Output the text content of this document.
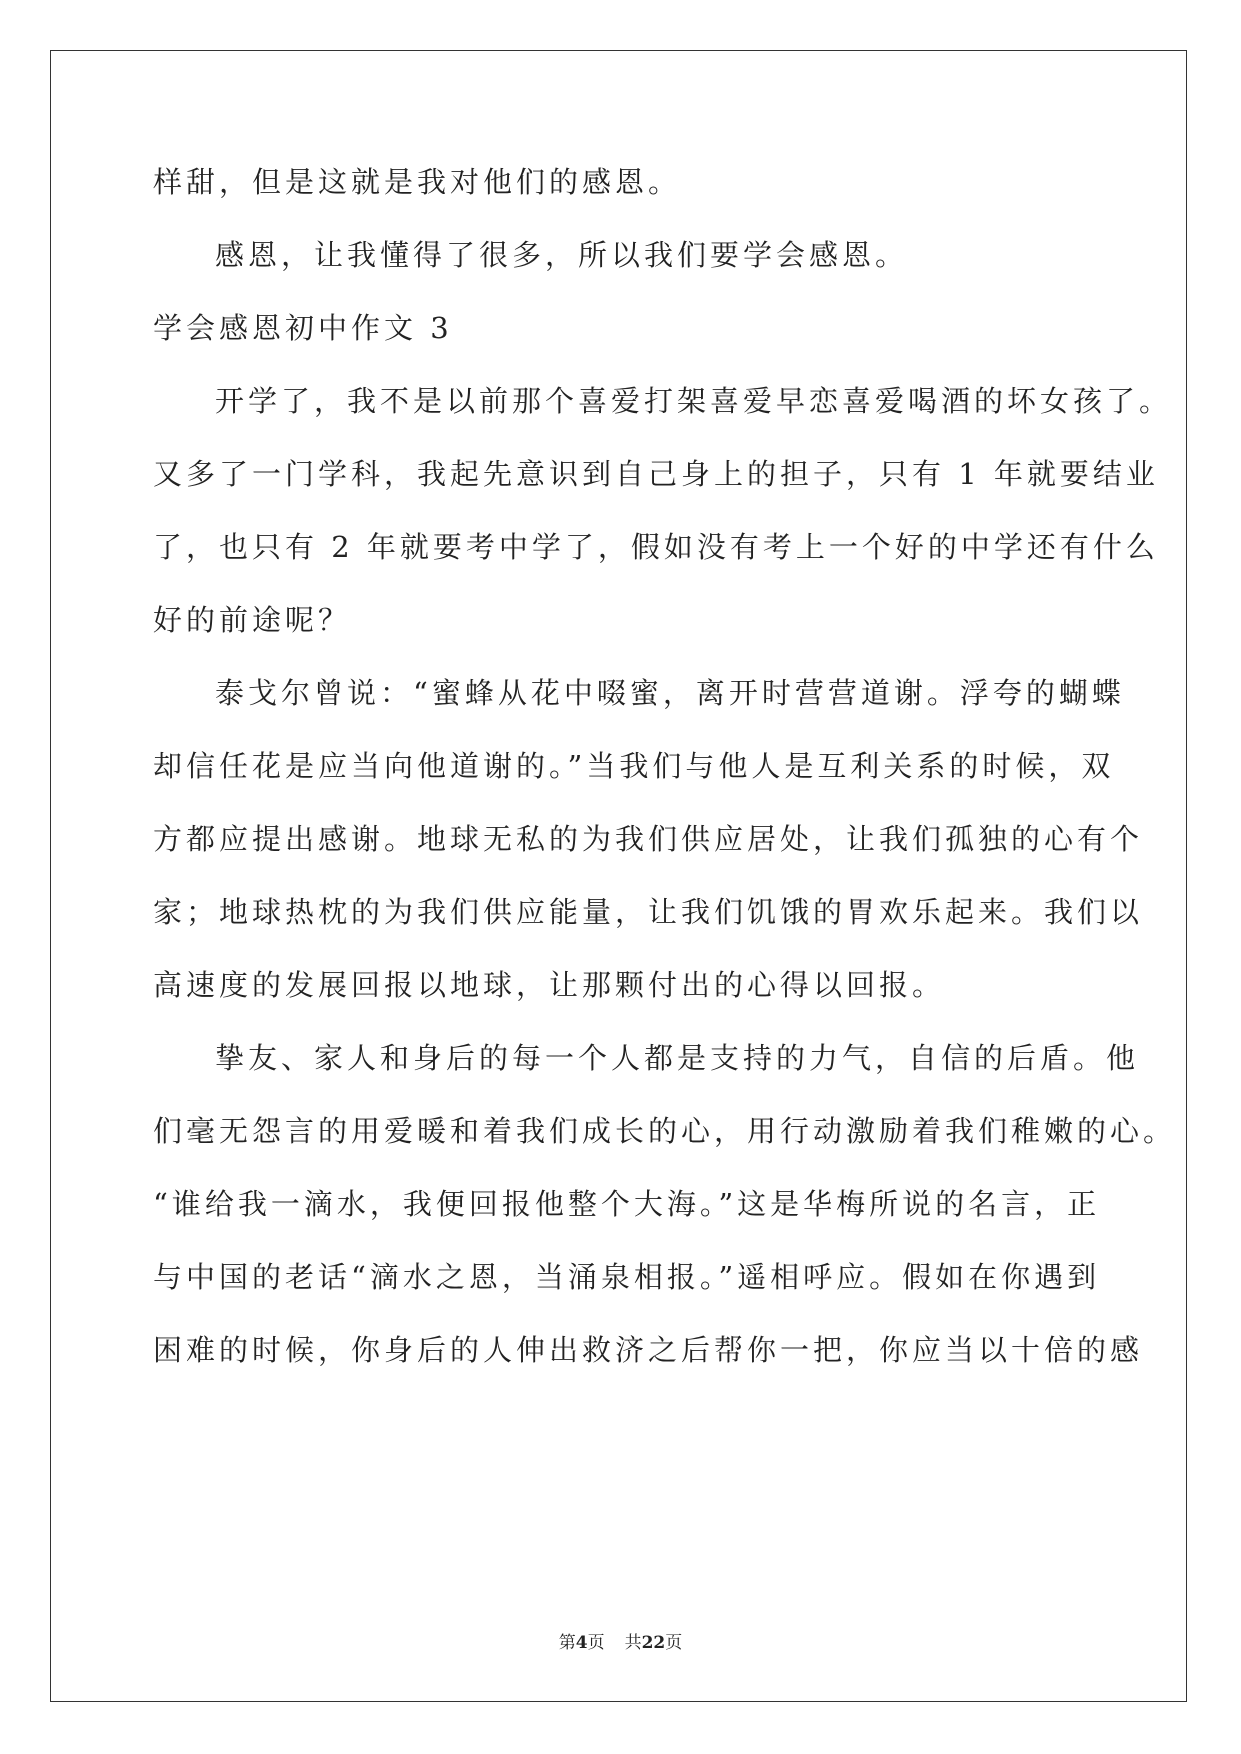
样甜，但是这就是我对他们的感恩。
感恩，让我懂得了很多，所以我们要学会感恩。
学会感恩初中作文 3
开学了，我不是以前那个喜爱打架喜爱早恋喜爱喝酒的坏女孩了。
又多了一门学科，我起先意识到自己身上的担子，只有 1 年就要结业
了，也只有 2 年就要考中学了，假如没有考上一个好的中学还有什么
好的前途呢？
泰戈尔曾说：“蜜蜂从花中啜蜜，离开时营营道谢。浮夸的蝴蝶
却信任花是应当向他道谢的。”当我们与他人是互利关系的时候，双
方都应提出感谢。地球无私的为我们供应居处，让我们孤独的心有个
家；地球热枕的为我们供应能量，让我们饥饿的胃欢乐起来。我们以
高速度的发展回报以地球，让那颗付出的心得以回报。
挚友、家人和身后的每一个人都是支持的力气，自信的后盾。他
们毫无怨言的用爱暖和着我们成长的心，用行动激励着我们稚嫩的心。
“谁给我一滴水，我便回报他整个大海。”这是华梅所说的名言，正
与中国的老话“滴水之恩，当涌泉相报。”遥相呼应。假如在你遇到
困难的时候，你身后的人伸出救济之后帮你一把，你应当以十倍的感
第4页 共22页
